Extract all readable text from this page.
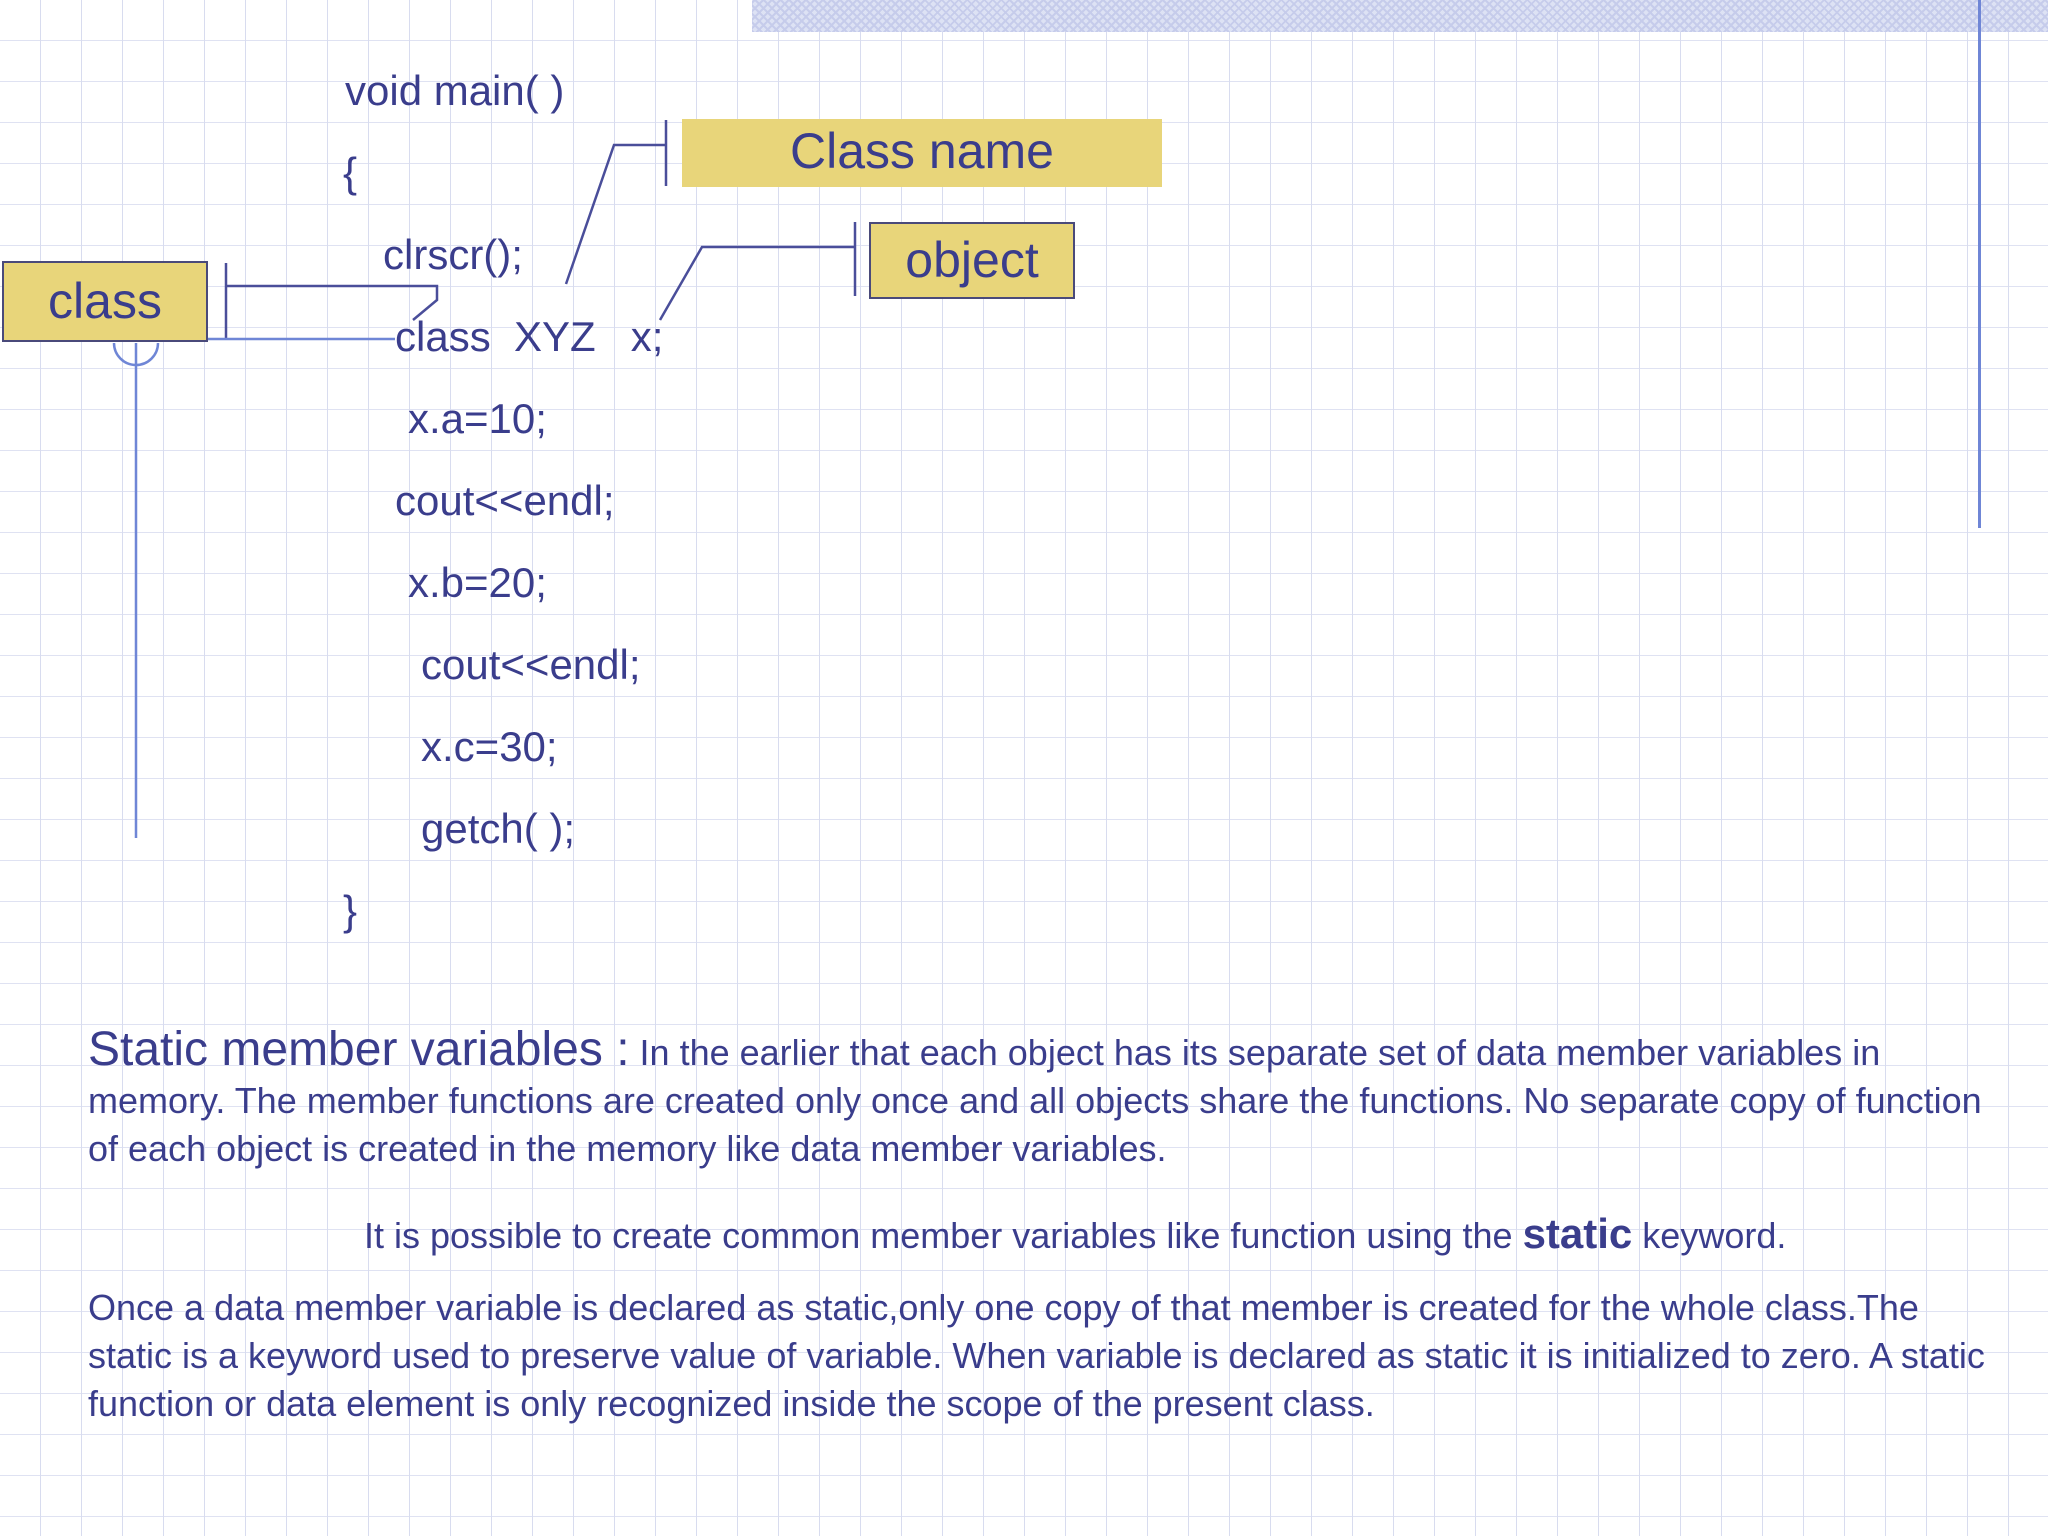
void main( )
{
clrscr();
class  XYZ   x;
x.a=10;
cout<<endl;
x.b=20;
cout<<endl;
x.c=30;
getch( );
}
Class name
object
class
Static member variables : In the earlier that each object has its separate set of data member variables in memory. The member functions are created only once and all objects share the functions. No separate copy of function of each object is created in the memory like data member variables.
It is possible to create common member variables like function using the static keyword.
Once a data member variable is declared as static,only one copy of that member is created for the whole class.The static is a keyword used to preserve value of variable. When variable is declared as static it is initialized to zero. A static function or data element is only recognized inside the scope of the present class.
